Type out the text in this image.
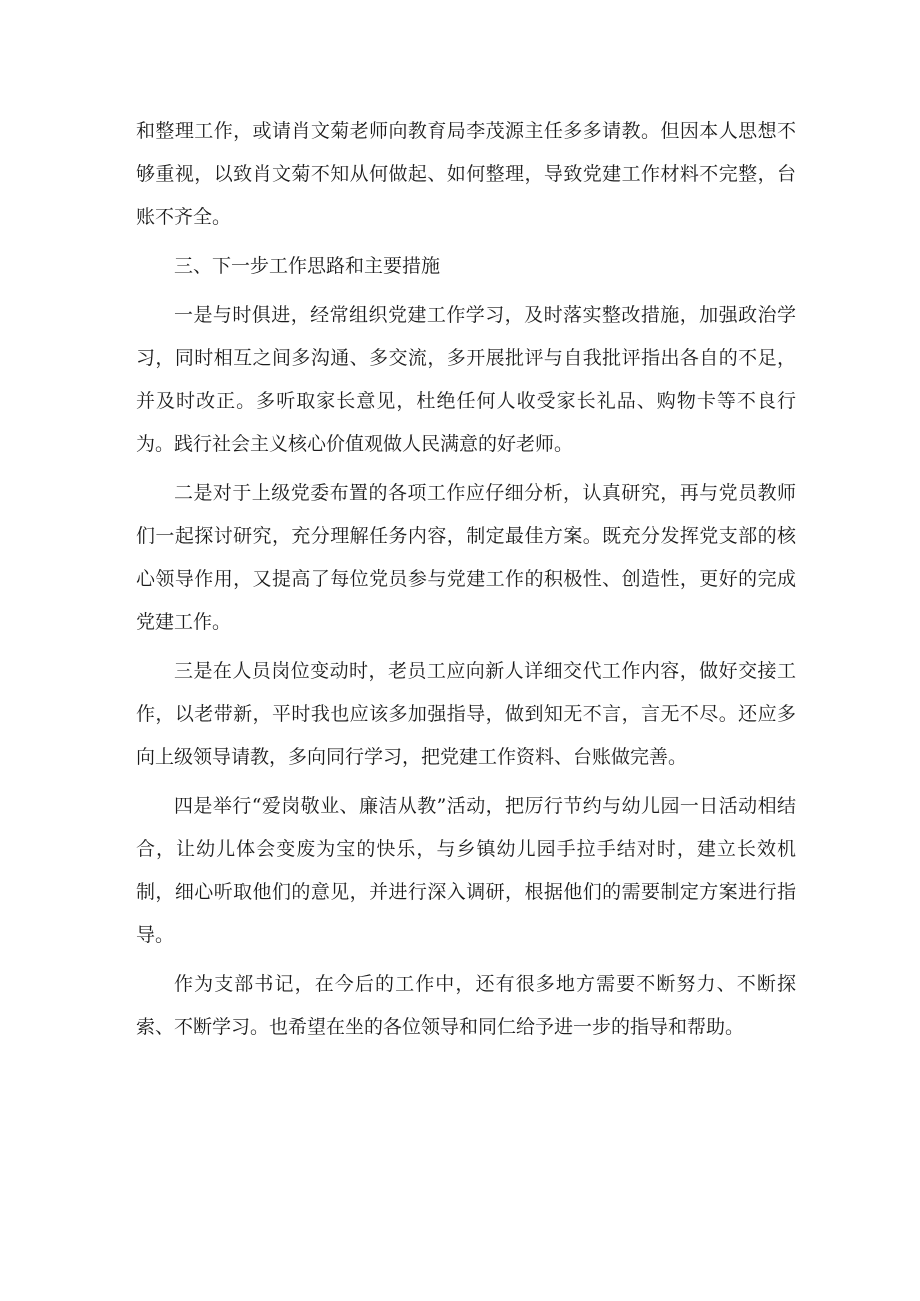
和整理工作，或请肖文菊老师向教育局李茂源主任多多请教。但因本人思想不够重视，以致肖文菊不知从何做起、如何整理，导致党建工作材料不完整，台账不齐全。

三、下一步工作思路和主要措施

一是与时俱进，经常组织党建工作学习，及时落实整改措施，加强政治学习，同时相互之间多沟通、多交流，多开展批评与自我批评指出各自的不足，并及时改正。多听取家长意见，杜绝任何人收受家长礼品、购物卡等不良行为。践行社会主义核心价值观做人民满意的好老师。

二是对于上级党委布置的各项工作应仔细分析，认真研究，再与党员教师们一起探讨研究，充分理解任务内容，制定最佳方案。既充分发挥党支部的核心领导作用，又提高了每位党员参与党建工作的积极性、创造性，更好的完成党建工作。

三是在人员岗位变动时，老员工应向新人详细交代工作内容，做好交接工作，以老带新，平时我也应该多加强指导，做到知无不言，言无不尽。还应多向上级领导请教，多向同行学习，把党建工作资料、台账做完善。

四是举行“爱岗敬业、廉洁从教”活动，把厉行节约与幼儿园一日活动相结合，让幼儿体会变废为宝的快乐，与乡镇幼儿园手拉手结对时，建立长效机制，细心听取他们的意见，并进行深入调研，根据他们的需要制定方案进行指导。

作为支部书记，在今后的工作中，还有很多地方需要不断努力、不断探索、不断学习。也希望在坐的各位领导和同仁给予进一步的指导和帮助。
